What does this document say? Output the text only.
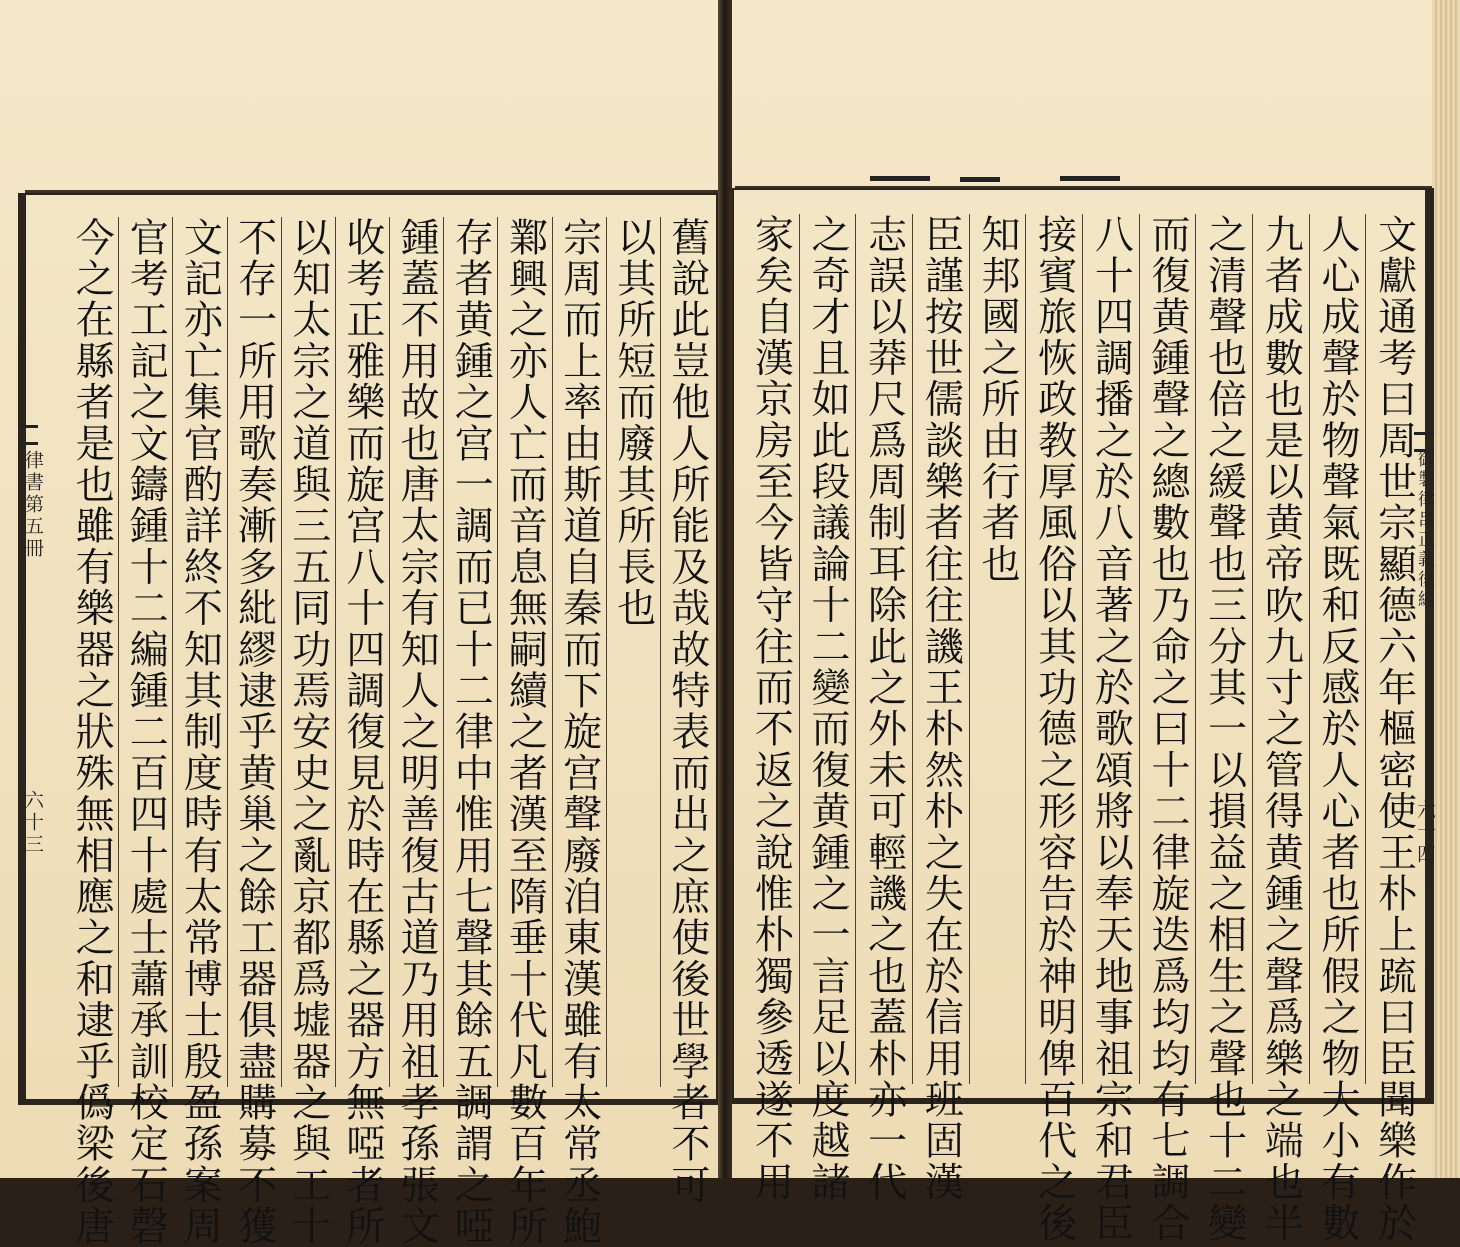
舊說此豈他人所能及哉故特表而出之庶使後世學者不可
以其所短而廢其所長也
宗周而上率由斯道自秦而下旋宫聲廢洎東漢雖有太常丞鮑
鄴興之亦人亡而音息無嗣續之者漢至隋垂十代凡數百年所
存者黄鍾之宫一調而已十二律中惟用七聲其餘五調謂之啞
鍾蓋不用故也唐太宗有知人之明善復古道乃用祖孝孫張文
收考正雅樂而旋宫八十四調復見於時在縣之器方無啞者所
以知太宗之道與三五同功焉安史之亂京都爲墟器之與工十
不存一所用歌奏漸多紕繆逮乎黄巢之餘工器俱盡購募不獲
文記亦亡集官酌詳終不知其制度時有太常博士殷盈孫案周
官考工記之文鑄鍾十二編鍾二百四十處士蕭承訓校定石磬
今之在縣者是也雖有樂器之狀殊無相應之和逮乎僞梁後唐	文獻通考曰周世宗顯德六年樞密使王朴上䟽曰臣聞樂作於
人心成聲於物聲氣既和反感於人心者也所假之物大小有數
九者成數也是以黄帝吹九寸之管得黄鍾之聲爲樂之端也半
之清聲也倍之緩聲也三分其一以損益之相生之聲也十二變
而復黄鍾聲之總數也乃命之曰十二律旋迭爲均均有七調合
八十四調播之於八音著之於歌頌將以奉天地事祖宗和君臣
接賓旅恢政教厚風俗以其功德之形容告於神明俾百代之後
知邦國之所由行者也
臣謹按世儒談樂者往往譏王朴然朴之失在於信用班固漢
志誤以莽尺爲周制耳除此之外未可輕譏之也蓋朴亦一代
之奇才且如此段議論十二變而復黄鍾之一言足以度越諸
家矣自漢京房至今皆守往而不返之說惟朴獨參透遂不用
律書第五冊
六十三
御製律呂正義後編
六十四
